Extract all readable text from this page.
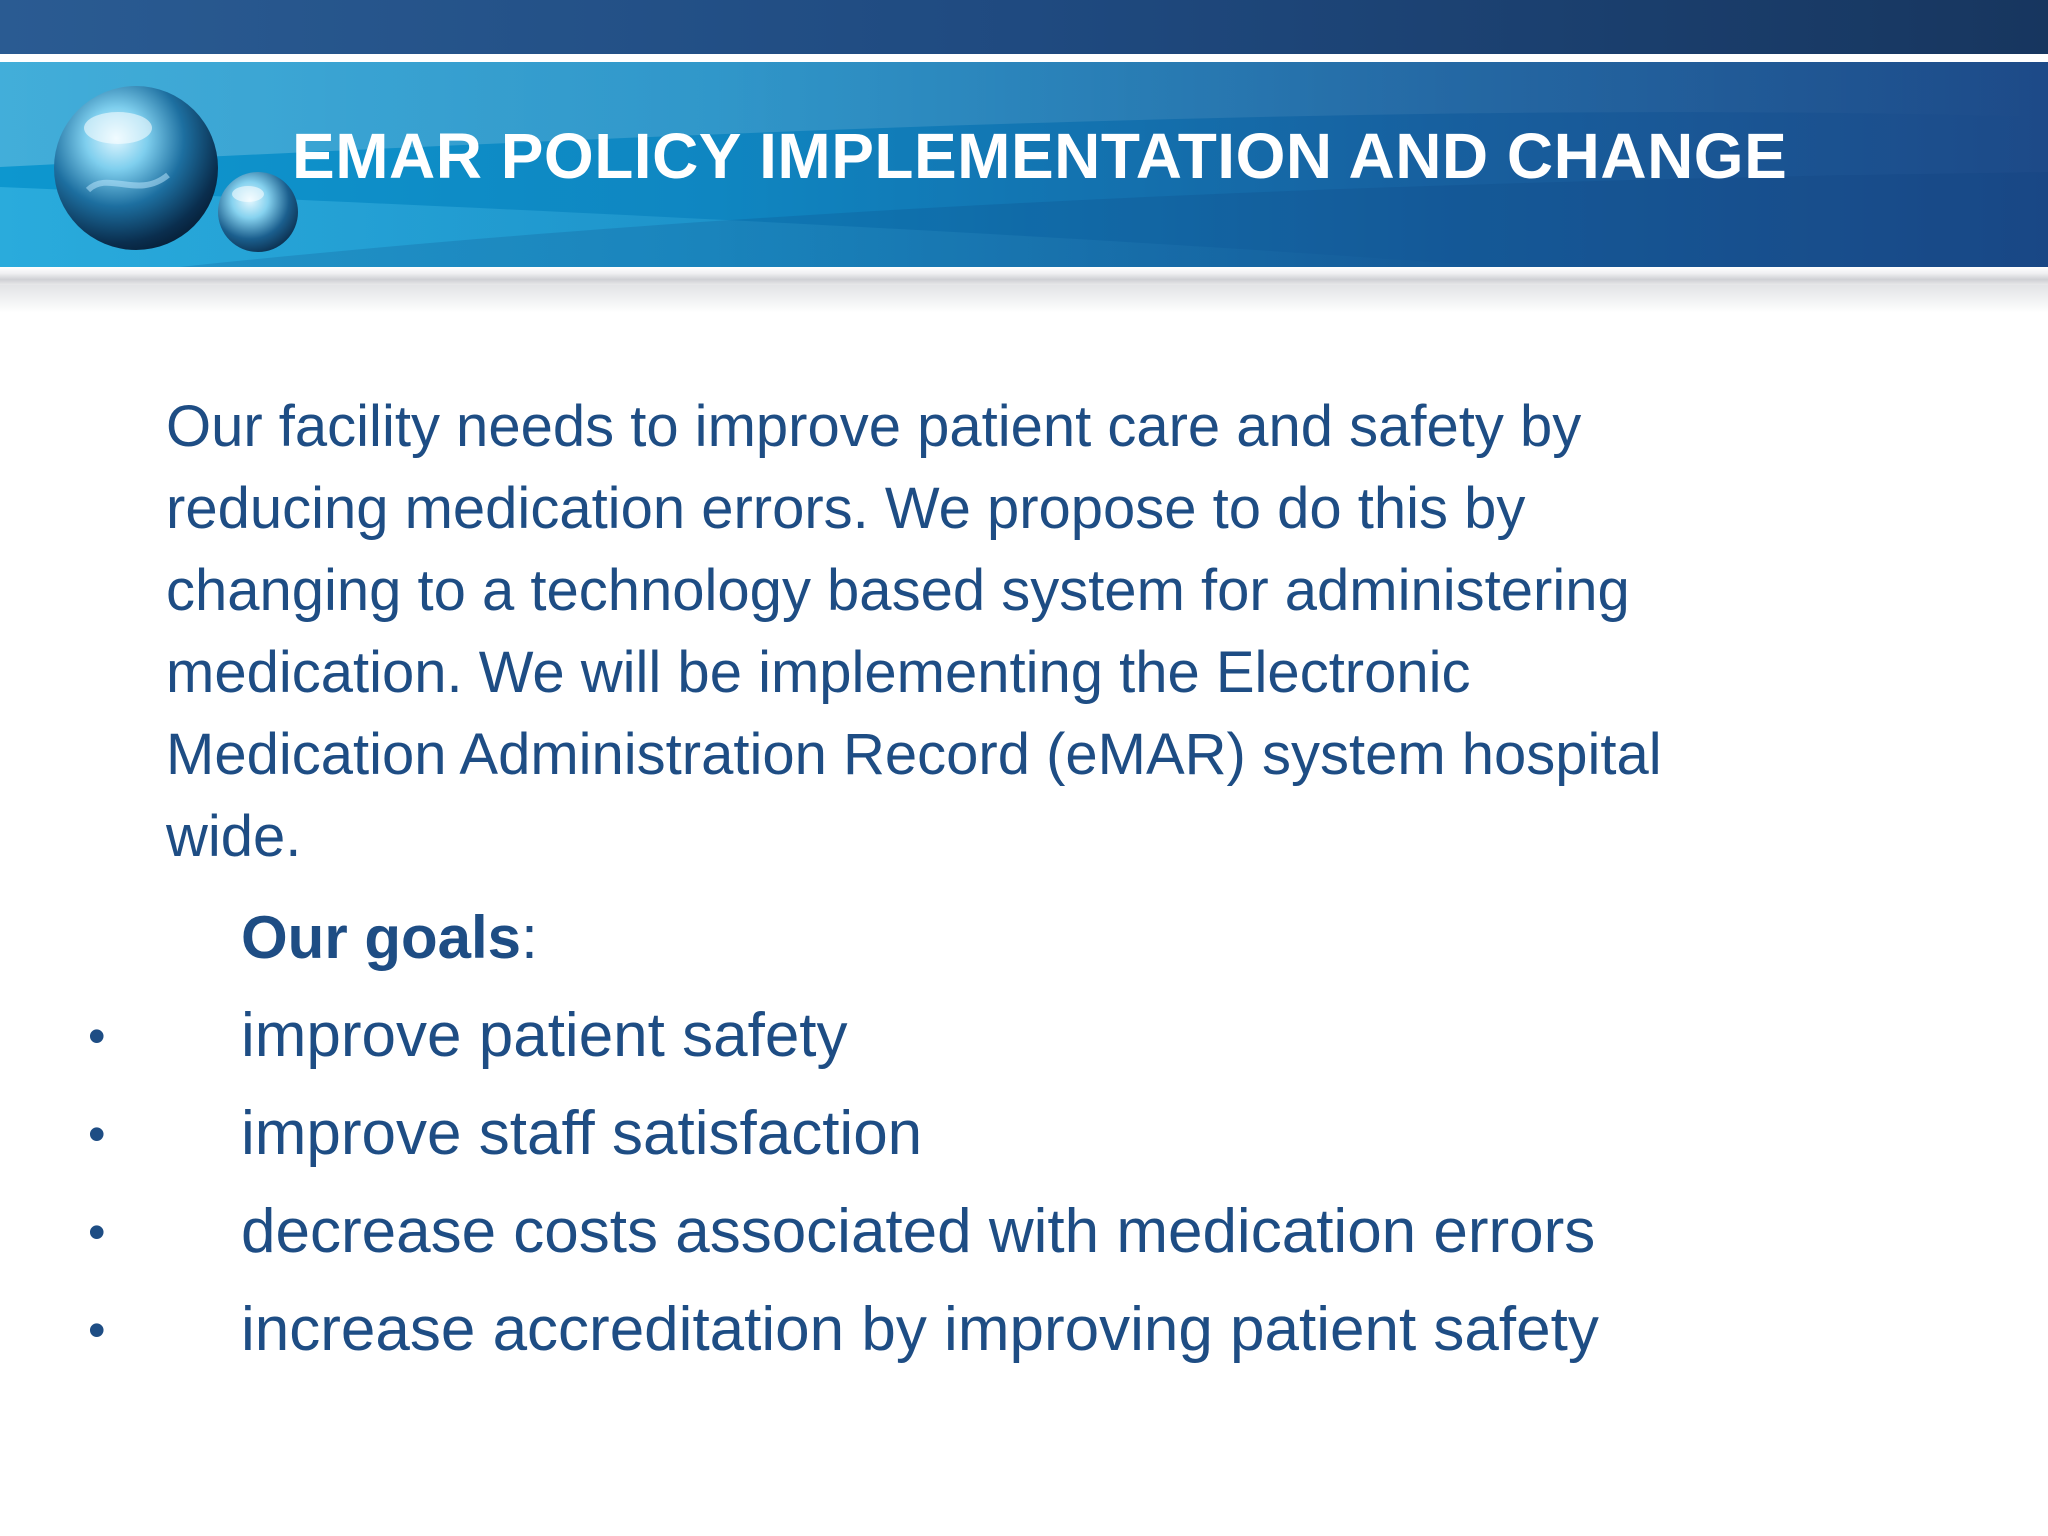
EMAR POLICY IMPLEMENTATION AND CHANGE
Our facility needs to improve patient care and safety by
reducing medication errors. We propose to do this by
changing to a technology based system for administering
medication. We will be implementing the Electronic
Medication Administration Record (eMAR) system hospital
wide.
Our goals:
• improve patient safety
• improve staff satisfaction
• decrease costs associated with medication errors
• increase accreditation by improving patient safety
